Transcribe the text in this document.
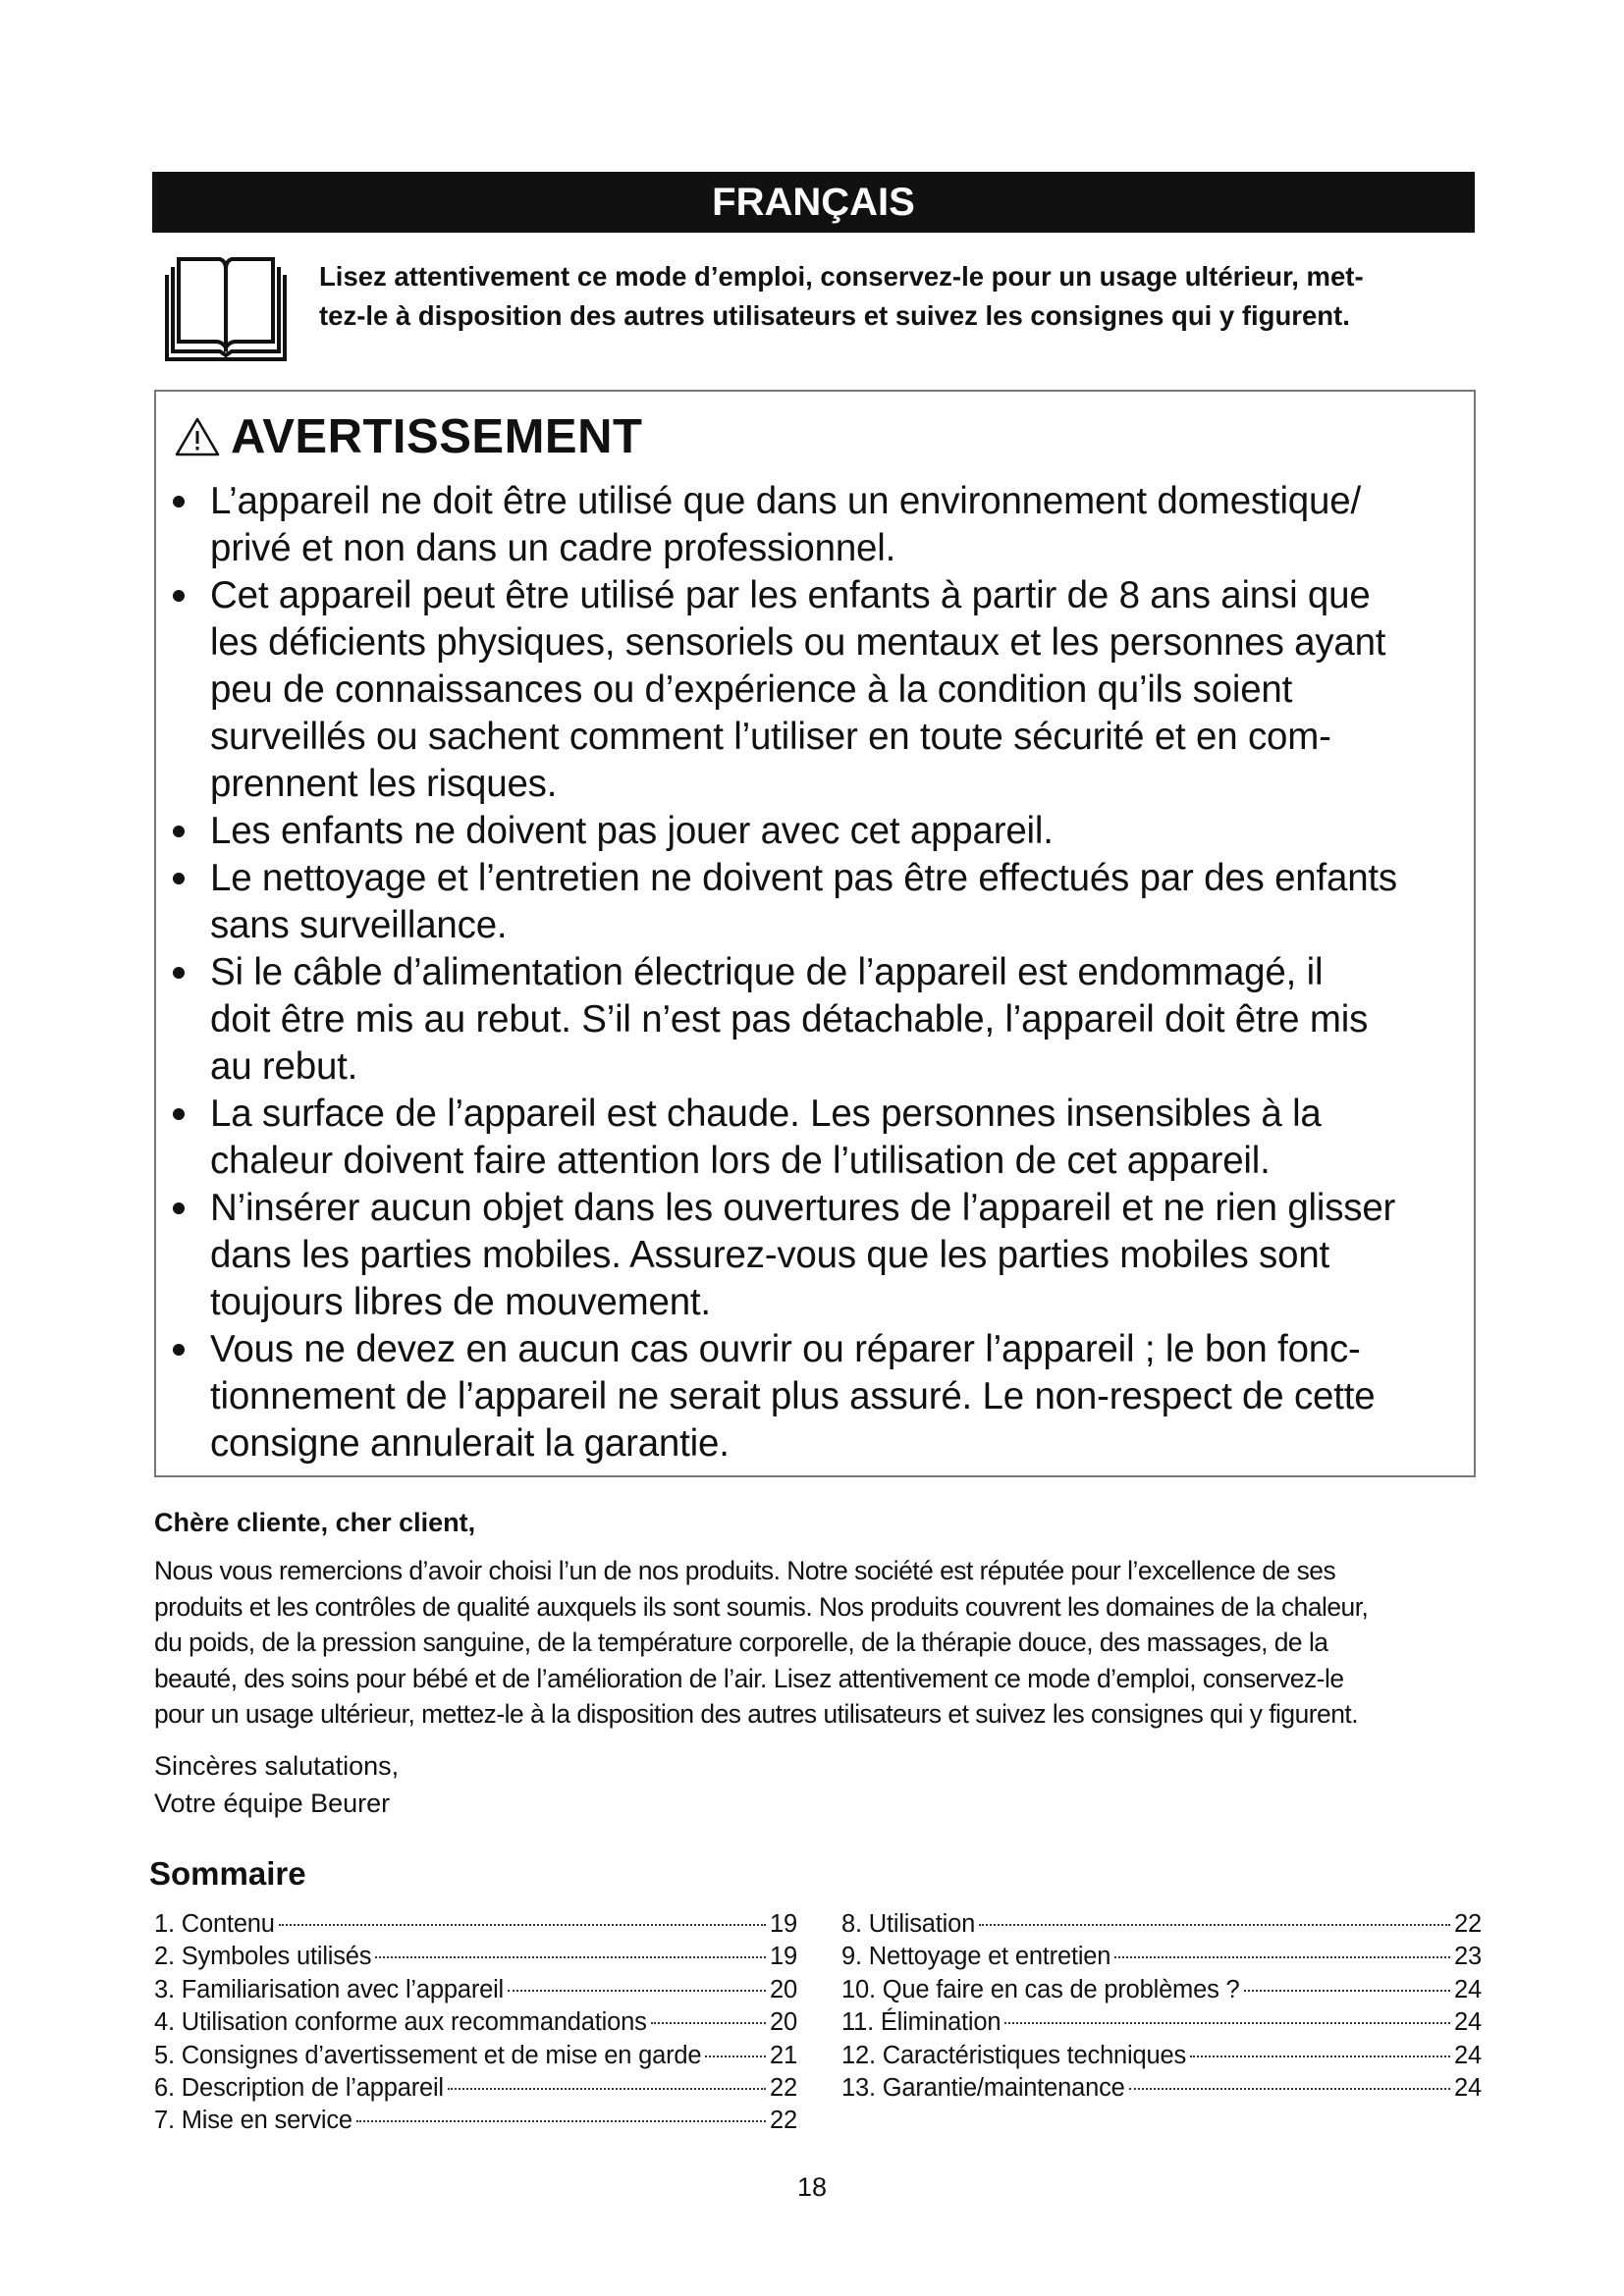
FRANÇAIS
Lisez attentivement ce mode d’emploi, conservez-le pour un usage ultérieur, met-
tez-le à disposition des autres utilisateurs et suivez les consignes qui y figurent.
AVERTISSEMENT
L’appareil ne doit être utilisé que dans un environnement domestique/
privé et non dans un cadre professionnel.
Cet appareil peut être utilisé par les enfants à partir de 8 ans ainsi que
les déficients physiques, sensoriels ou mentaux et les personnes ayant
peu de connaissances ou d’expérience à la condition qu’ils soient
surveillés ou sachent comment l’utiliser en toute sécurité et en com-
prennent les risques.
Les enfants ne doivent pas jouer avec cet appareil.
Le nettoyage et l’entretien ne doivent pas être effectués par des enfants
sans surveillance.
Si le câble d’alimentation électrique de l’appareil est endommagé, il
doit être mis au rebut. S’il n’est pas détachable, l’appareil doit être mis
au rebut.
La surface de l’appareil est chaude. Les personnes insensibles à la
chaleur doivent faire attention lors de l’utilisation de cet appareil.
N’insérer aucun objet dans les ouvertures de l’appareil et ne rien glisser
dans les parties mobiles. Assurez-vous que les parties mobiles sont
toujours libres de mouvement.
Vous ne devez en aucun cas ouvrir ou réparer l’appareil ; le bon fonc-
tionnement de l’appareil ne serait plus assuré. Le non-respect de cette
consigne annulerait la garantie.
Chère cliente, cher client,
Nous vous remercions d’avoir choisi l’un de nos produits. Notre société est réputée pour l’excellence de ses
produits et les contrôles de qualité auxquels ils sont soumis. Nos produits couvrent les domaines de la chaleur,
du poids, de la pression sanguine, de la température corporelle, de la thérapie douce, des massages, de la
beauté, des soins pour bébé et de l’amélioration de l’air. Lisez attentivement ce mode d’emploi, conservez-le
pour un usage ultérieur, mettez-le à la disposition des autres utilisateurs et suivez les consignes qui y figurent.
Sincères salutations,
Votre équipe Beurer
Sommaire
1. Contenu	19
2. Symboles utilisés	19
3. Familiarisation avec l’appareil	20
4. Utilisation conforme aux recommandations	20
5. Consignes d’avertissement et de mise en garde	21
6. Description de l’appareil	22
7. Mise en service	22
8. Utilisation	22
9. Nettoyage et entretien	23
10. Que faire en cas de problèmes ?	24
11. Élimination	24
12. Caractéristiques techniques	24
13. Garantie/maintenance	24
18
